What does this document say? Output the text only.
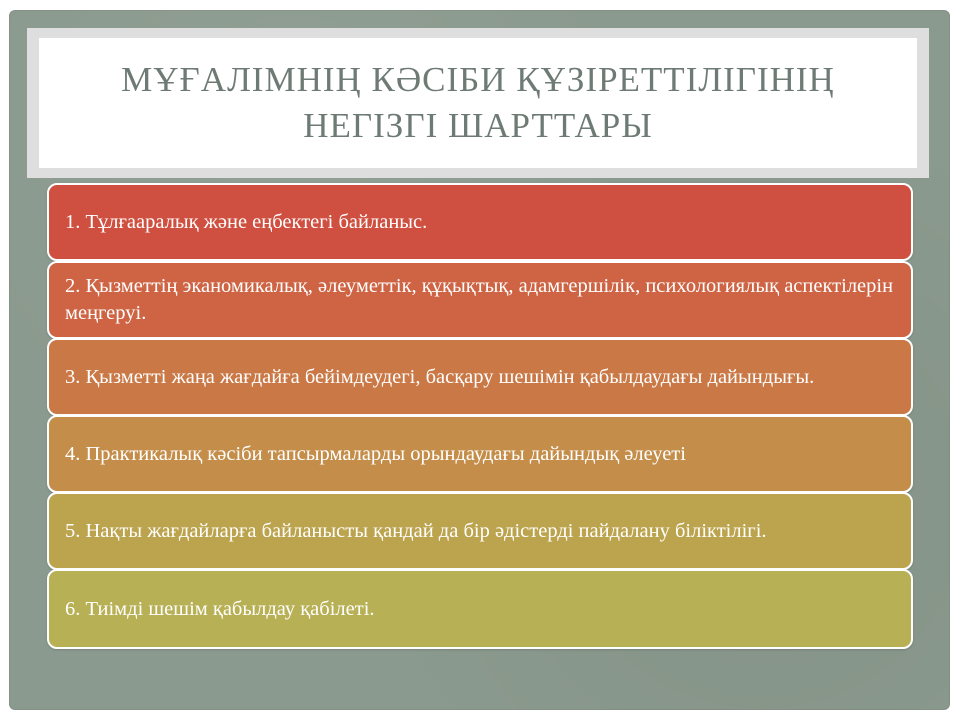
МҰҒАЛІМНІҢ КӘСІБИ ҚҰЗІРЕТТІЛІГІНІҢ
НЕГІЗГІ ШАРТТАРЫ
1. Тұлғааралық және еңбектегі байланыс.
2. Қызметтің эканомикалық, әлеуметтік, құқықтық, адамгершілік, психологиялық аспектілерін меңгеруі.
3. Қызметті жаңа жағдайға бейімдеудегі, басқару шешімін қабылдаудағы дайындығы.
4. Практикалық кәсіби тапсырмаларды орындаудағы дайындық әлеуеті
5. Нақты жағдайларға байланысты қандай да бір әдістерді пайдалану біліктілігі.
6. Тиімді шешім қабылдау қабілеті.
